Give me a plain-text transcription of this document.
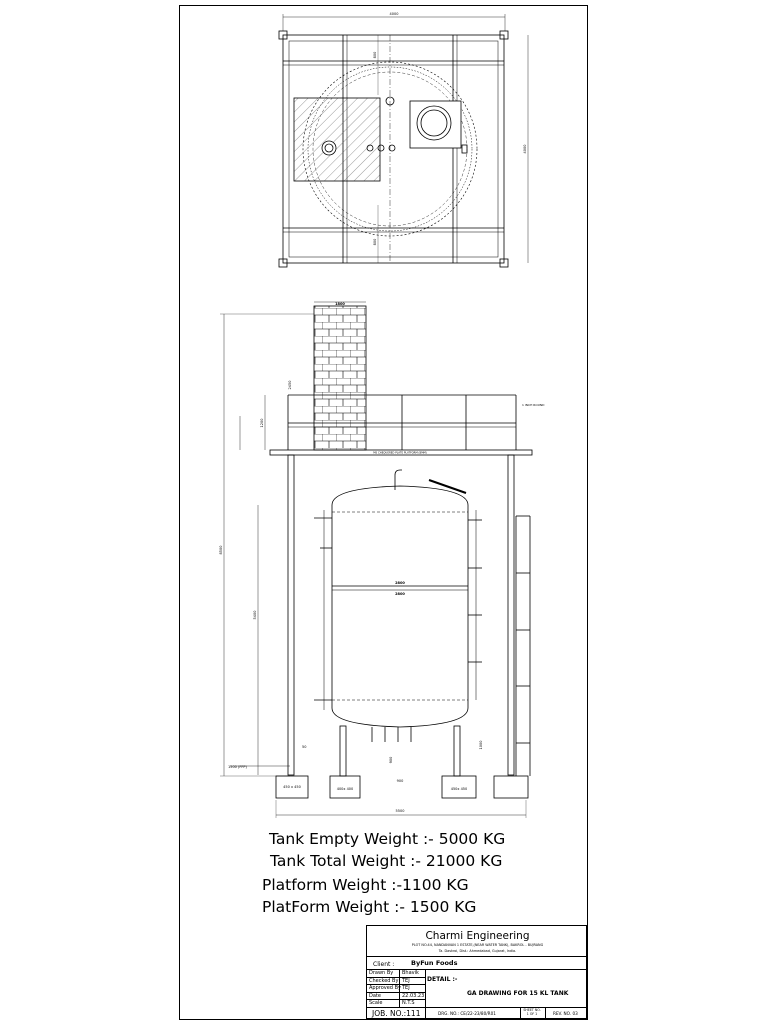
4000
4000
800
800
1800
8500
1200
2450
5400
2800
2800
1000
900
1500 (FFP)
450 x 450	400x 400	450x 450
900
5500
50
1 INCH ROUND
MS CHEQUERED PLATE PLATFORM (8MM)
Tank Empty Weight :- 5000 KG
Tank Total Weight :- 21000 KG
Platform Weight :-1100 KG
PlatForm Weight :- 1500 KG
Charmi Engineering
PLOT NO.44, NANDANVAN 1 ESTATE,(NEAR WATER TANK), BAKROL - BUJRANG
Ta. Daskroi, Dist.: Ahmedabad, Gujarat, India.
Client :	ByFun Foods
Drawn By Bhavik
Checked By TEJ
Approved By TEJ
Date	22.03.23
Scale	N.T.S
DETAIL :-
GA DRAWING FOR 15 KL TANK
JOB. NO.:111	DRG. NO.: CE/22-23/80/R01
SHEET NO.
1 OF 1	REV. NO. 03
